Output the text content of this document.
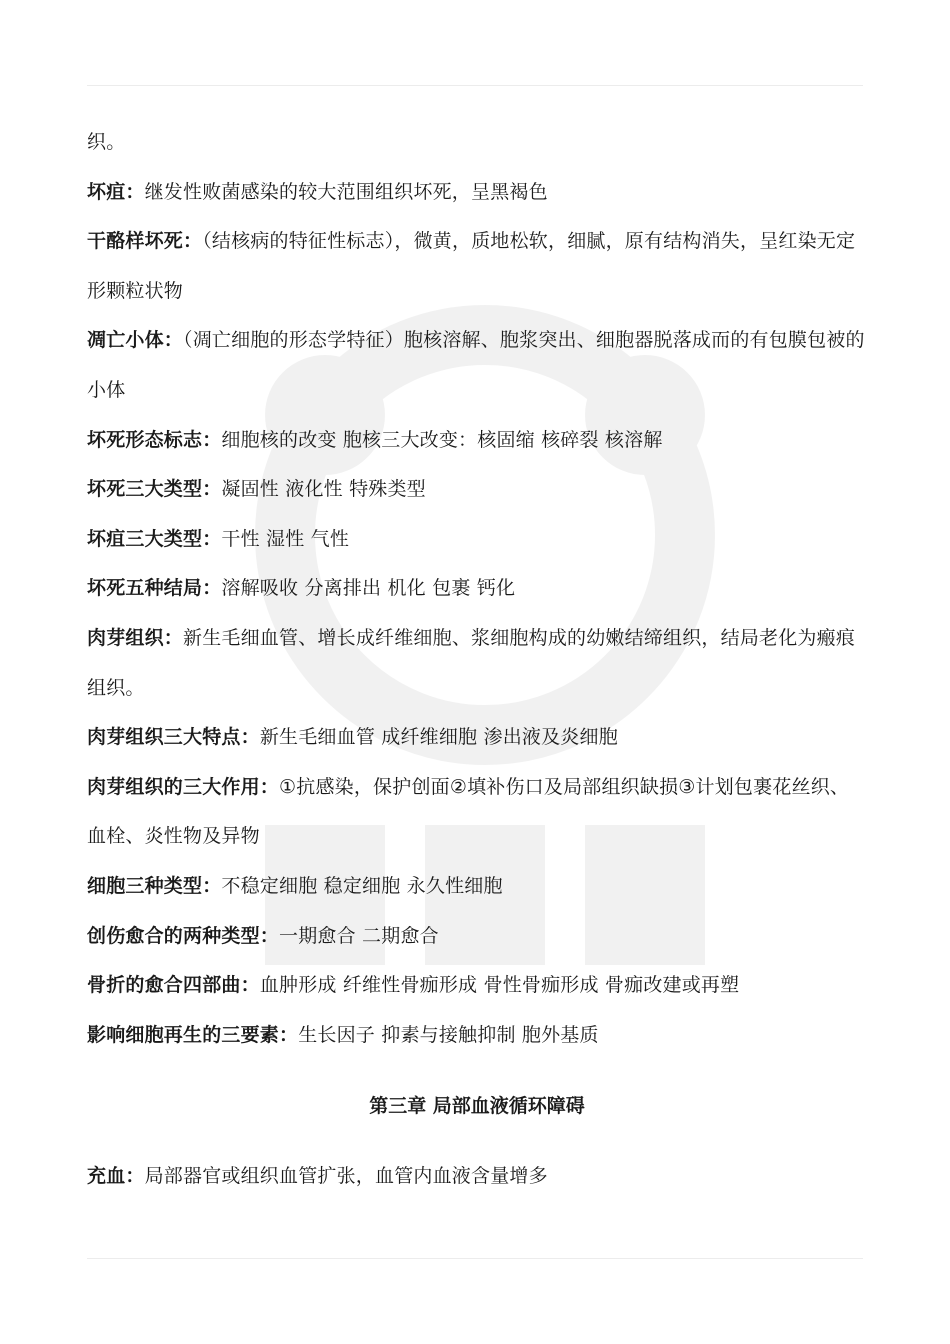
织。

坏疽：继发性败菌感染的较大范围组织坏死，呈黑褐色

干酪样坏死：（结核病的特征性标志），微黄，质地松软，细腻，原有结构消失，呈红染无定形颗粒状物

凋亡小体：（凋亡细胞的形态学特征）胞核溶解、胞浆突出、细胞器脱落成而的有包膜包被的小体

坏死形态标志：细胞核的改变 胞核三大改变：核固缩 核碎裂 核溶解

坏死三大类型：凝固性 液化性 特殊类型

坏疽三大类型：干性 湿性 气性

坏死五种结局：溶解吸收 分离排出 机化 包裹 钙化

肉芽组织：新生毛细血管、增长成纤维细胞、浆细胞构成的幼嫩结缔组织，结局老化为瘢痕组织。

肉芽组织三大特点：新生毛细血管 成纤维细胞 渗出液及炎细胞

肉芽组织的三大作用：①抗感染，保护创面②填补伤口及局部组织缺损③计划包裹花丝织、血栓、炎性物及异物

细胞三种类型：不稳定细胞 稳定细胞 永久性细胞

创伤愈合的两种类型：一期愈合 二期愈合

骨折的愈合四部曲：血肿形成 纤维性骨痂形成 骨性骨痂形成 骨痂改建或再塑

影响细胞再生的三要素：生长因子 抑素与接触抑制 胞外基质

第三章 局部血液循环障碍

充血：局部器官或组织血管扩张，血管内血液含量增多
